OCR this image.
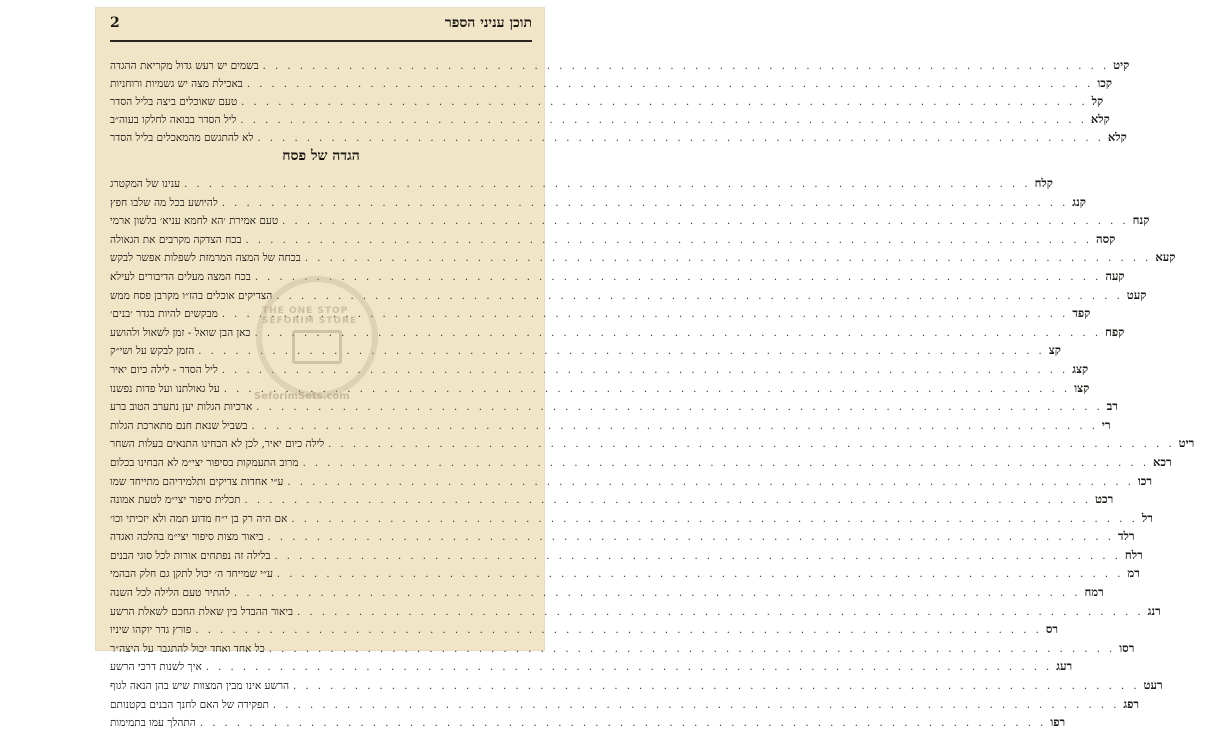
תוכן עניני הספר
2
בשמים יש רעש גדול מקריאת ההגדה . . .	קיט
באכילת מצה יש גשמיות ורוחניות . . .	קכו
טעם שאוכלים ביצה בליל הסדר . . .	קל
ליל הסדר בבואה לחלקו בעוה״ב . . .	קלא
לא להתגשם מהמאכלים בליל הסדר . . .	קלא
הגדה של פסח
ענינו של המקטרג . . .	קלח
להיושע בכל מה שלבו חפץ . . .	קנג
טעם אמירת ׳הא לחמא עניא׳ בלשון ארמי . . .	קנח
בכח הצדקה מקרבים את הגאולה . . .	קסה
בכחה של המצה המרמזת לשפלות אפשר לבקש . . .	קעא
בכח המצה מעלים הדיבורים לעילא . . .	קעה
הצדיקים אוכלים בהז״ו מקרבן פסח ממש . . .	קעט
מבקשים להיות בגדר ׳בנים׳ . . .	קפד
כאן הבן שואל - זמן לשאול ולהושע . . .	קפח
הזמן לבקש על ושי״ק . . .	קצ
ליל הסדר - לילה כיום יאיר . . .	קצג
על גאולתנו ועל פדות נפשנו . . .	קצו
ארכיות הגלות יען נתערב הטוב ברע . . .	רב
בשביל שנאת חנם מתארכת הגלות . . .	רי
לילה כיום יאיר, לכן לא הבחינו התנאים בעלות השחר . . .	ריט
מרוב התעמקות בסיפור יצי״מ לא הבחינו בכלום . . .	רכא
ע״י אחדות צדיקים ותלמידיהם מתייחד שמו . . .	רכו
תכלית סיפור יצי״מ לטעת אמונה . . .	רכט
אם היה רק בן י״ח מדוע תמה ולא יזכיתי וכו׳ . . .	רל
ביאור מצות סיפור יצי״מ בהלכה ואגדה . . .	רלד
בלילה זה נפתחים אורות לכל סוגי הבנים . . .	רלח
ע״י שמייחד ה׳ יכול לתקן גם חלק הבהמי . . .	רמ
להתיר טעם הלילה לכל השנה . . .	רמח
ביאור ההבדל בין שאלת החכם לשאלת הרשע . . .	רנג
פורץ גדר יוקהו שיניו . . .	רס
כל אחד ואחד יכול להתגבר על היצה״ר . . .	רסו
איך לשנות דרכי הרשע . . .	רעג
הרשע אינו מבין המצוות שיש בהן הנאה לגוף . . .	רעט
תפקידה של האם לחנך הבנים בקטנותם . . .	רפג
התהלך עמו בתמימות . . .	רפו
THE ONE STOP SEFORIM STORE
SeforimSets.com
